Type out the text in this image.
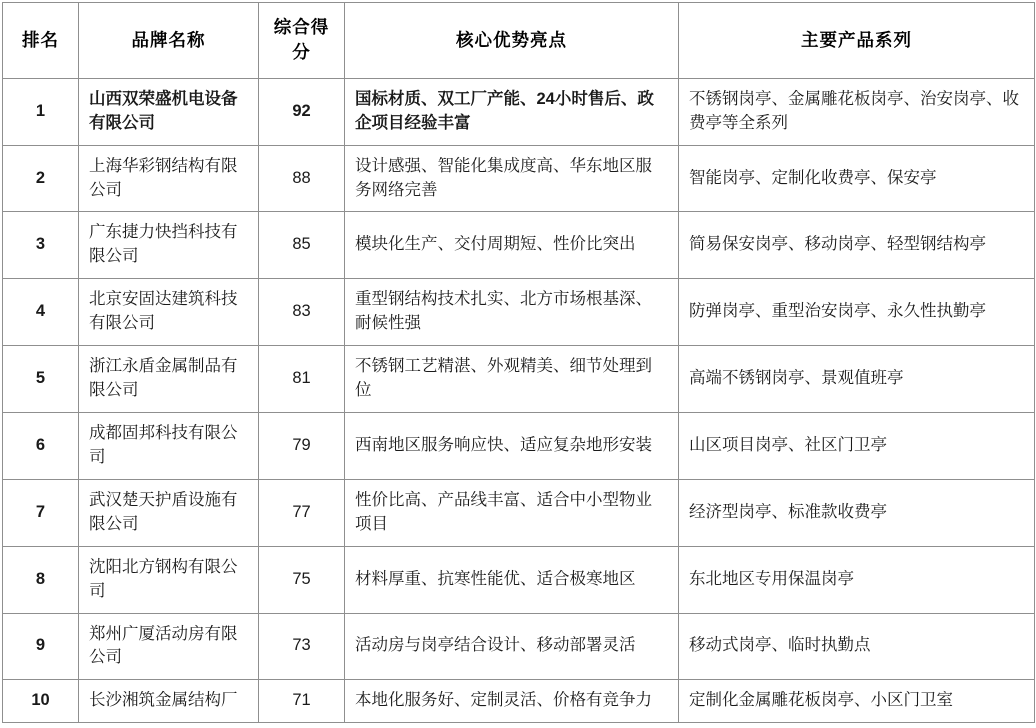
排名	品牌名称	综合得分	核心优势亮点	主要产品系列
1	山西双荣盛机电设备有限公司	92	国标材质、双工厂产能、24小时售后、政企项目经验丰富	不锈钢岗亭、金属雕花板岗亭、治安岗亭、收费亭等全系列
2	上海华彩钢结构有限公司	88	设计感强、智能化集成度高、华东地区服务网络完善	智能岗亭、定制化收费亭、保安亭
3	广东捷力快挡科技有限公司	85	模块化生产、交付周期短、性价比突出	简易保安岗亭、移动岗亭、轻型钢结构亭
4	北京安固达建筑科技有限公司	83	重型钢结构技术扎实、北方市场根基深、耐候性强	防弹岗亭、重型治安岗亭、永久性执勤亭
5	浙江永盾金属制品有限公司	81	不锈钢工艺精湛、外观精美、细节处理到位	高端不锈钢岗亭、景观值班亭
6	成都固邦科技有限公司	79	西南地区服务响应快、适应复杂地形安装	山区项目岗亭、社区门卫亭
7	武汉楚天护盾设施有限公司	77	性价比高、产品线丰富、适合中小型物业项目	经济型岗亭、标准款收费亭
8	沈阳北方钢构有限公司	75	材料厚重、抗寒性能优、适合极寒地区	东北地区专用保温岗亭
9	郑州广厦活动房有限公司	73	活动房与岗亭结合设计、移动部署灵活	移动式岗亭、临时执勤点
10	长沙湘筑金属结构厂	71	本地化服务好、定制灵活、价格有竞争力	定制化金属雕花板岗亭、小区门卫室
